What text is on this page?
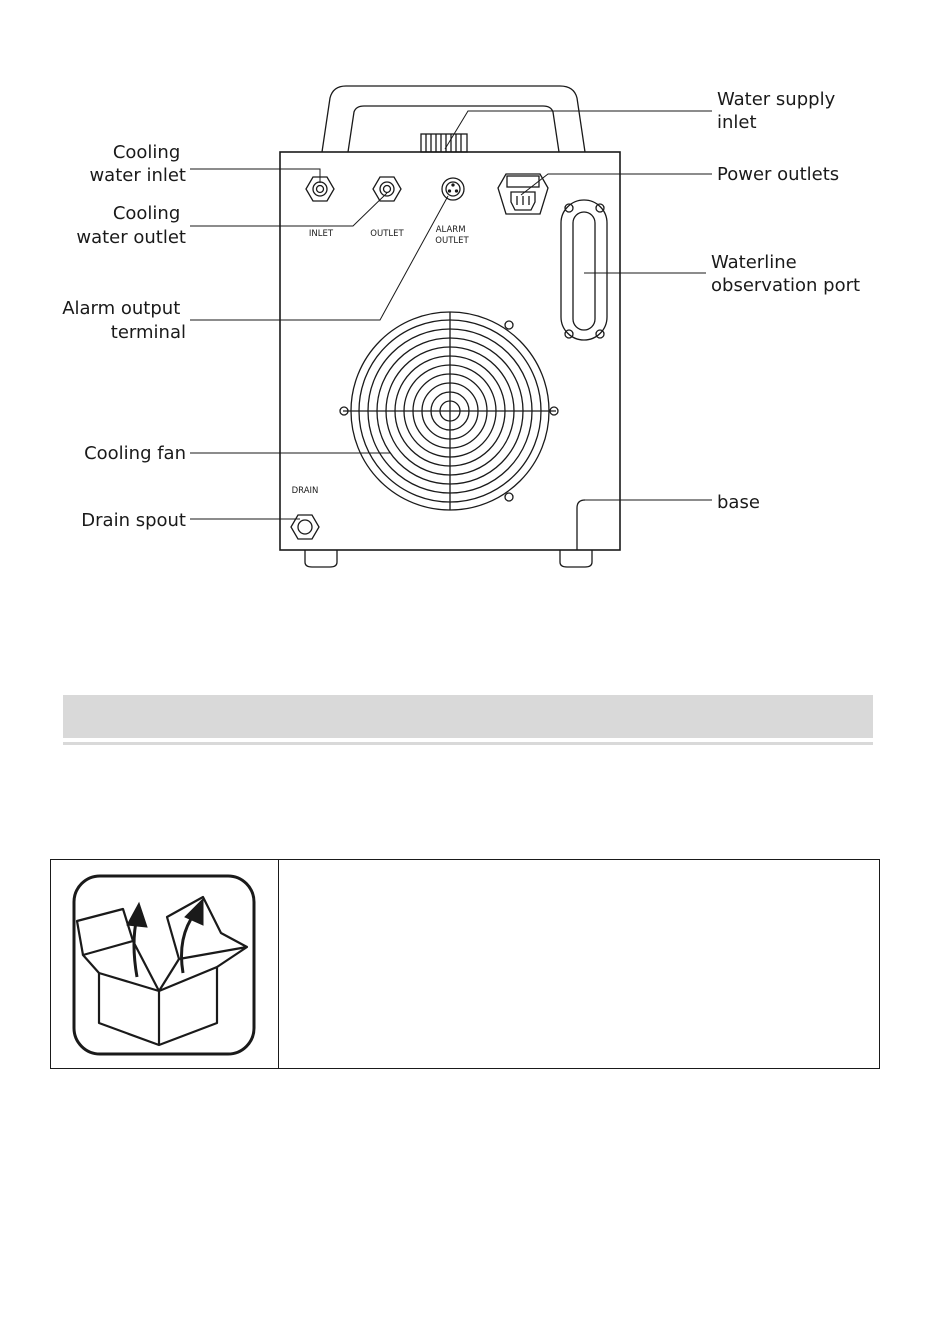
Cooling water inlet
Cooling water outlet
Alarm output terminal
Cooling fan
Drain spout
Water supply inlet
Power outlets
Waterline observation port
base
INLET	OUTLET	ALARM OUTLET
DRAIN
